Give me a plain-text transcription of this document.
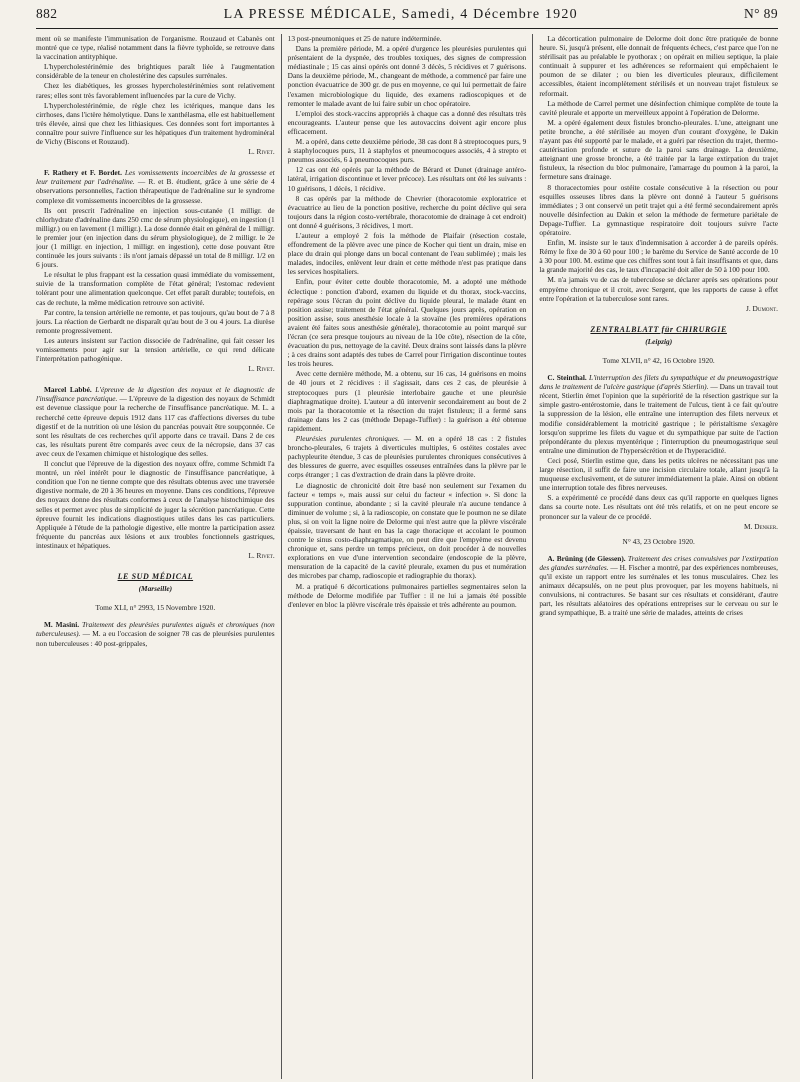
882	LA PRESSE MÉDICALE, Samedi, 4 Décembre 1920	N° 89

ment où se manifeste l'immunisation de l'organisme. Rouzaud et Cabanès ont montré que ce type, réalisé notamment dans la fièvre typhoïde, se retrouve dans la vaccination antityphique.

L'hypercholestérinémie des brightiques paraît liée à l'augmentation considérable de la teneur en cholestérine des capsules surrénales.

Chez les diabétiques, les grosses hypercholestérinémies sont relativement rares; elles sont très favorablement influencées par la cure de Vichy.

L'hypercholestérinémie, de règle chez les ictériques, manque dans les cirrhoses, dans l'ictère hémolytique. Dans le xanthélasma, elle est habituellement très élevée, ainsi que chez les lithiasiques. Ces données sont fort importantes à connaître pour suivre l'influence sur les hépatiques d'un traitement hydrominéral de Vichy (Biscons et Rouzaud).

L. Rivet.

F. Rathery et F. Bordet. Les vomissements incoercibles de la grossesse et leur traitement par l'adrénaline. — R. et B. étudient, grâce à une série de 4 observations personnelles, l'action thérapeutique de l'adrénaline sur le syndrome complexe dit vomissements incoercibles de la grossesse.

Ils ont prescrit l'adrénaline en injection sous-cutanée (1 milligr. de chlorhydrate d'adrénaline dans 250 cmc de sérum physiologique), en ingestion (1 milligr.) ou en lavement (1 milligr.). La dose donnée était en général de 1 milligr. le premier jour (en injection dans du sérum physiologique), de 2 milligr. le 2e jour (1 milligr. en injection, 1 milligr. en ingestion), cette dose pouvant être continuée les jours suivants : ils n'ont jamais dépassé un total de 8 milligr. 1/2 en 6 jours.

Le résultat le plus frappant est la cessation quasi immédiate du vomissement, suivie de la transformation complète de l'état général; l'estomac redevient tolérant pour une alimentation quelconque. Cet effet paraît durable; toutefois, en cas de rechute, la même médication retrouve son activité.

Par contre, la tension artérielle ne remonte, et pas toujours, qu'au bout de 7 à 8 jours. La réaction de Gerbardt ne disparaît qu'au bout de 3 ou 4 jours. La diurèse remonte progressivement.

Les auteurs insistent sur l'action dissociée de l'adrénaline, qui fait cesser les vomissements pour agir sur la tension artérielle, ce qui rend délicate l'interprétation pathogénique.

L. Rivet.

Marcel Labbé. L'épreuve de la digestion des noyaux et le diagnostic de l'insuffisance pancréatique. — L'épreuve de la digestion des noyaux de Schmidt est devenue classique pour la recherche de l'insuffisance pancréatique. M. L. a recherché cette épreuve depuis 1912 dans 117 cas d'affections diverses du tube digestif et de la nutrition où une lésion du pancréas pouvait être soupçonnée. Ce sont les résultats de ces recherches qu'il apporte dans ce travail. Dans 2 de ces cas, les résultats purent être comparés avec ceux de la nécropsie, dans 37 cas avec ceux de l'examen chimique et histologique des selles.

Il conclut que l'épreuve de la digestion des noyaux offre, comme Schmidt l'a montré, un réel intérêt pour le diagnostic de l'insuffisance pancréatique, à condition que l'on ne tienne compte que des résultats obtenus avec une traversée digestive normale, de 20 à 36 heures en moyenne. Dans ces conditions, l'épreuve des noyaux donne des résultats conformes à ceux de l'analyse histochimique des selles et permet avec plus de simplicité de juger la sécrétion pancréatique. Cette épreuve fournit les indications diagnostiques utiles dans les cas particuliers. Appliquée à l'étude de la pathologie digestive, elle montre la participation assez fréquente du pancréas aux lésions et aux troubles fonctionnels gastriques, intestinaux et hépatiques.

L. Rivet.
LE SUD MÉDICAL
(Marseille)
Tome XLI, n° 2993, 15 Novembre 1920.

M. Masini. Traitement des pleurésies purulentes aiguës et chroniques (non tuberculeuses). — M. a eu l'occasion de soigner 78 cas de pleurésies purulentes non tuberculeuses : 40 post-grippales,

13 post-pneumoniques et 25 de nature indéterminée.

Dans la première période, M. a opéré d'urgence les pleurésies purulentes qui présentaient de la dyspnée, des troubles toxiques, des signes de compression médiastinale ; 15 cas ainsi opérés ont donné 3 décès, 5 récidives et 7 guérisons. Dans la deuxième période, M., changeant de méthode, a commencé par faire une ponction évacuatrice de 300 gr. de pus en moyenne, ce qui lui permettait de faire l'examen microbiologique du liquide, des examens radioscopiques et de remonter le malade avant de lui faire subir un choc opératoire.

L'emploi des stock-vaccins appropriés à chaque cas a donné des résultats très encourageants. L'auteur pense que les autovaccins doivent agir encore plus efficacement.

M. a opéré, dans cette deuxième période, 38 cas dont 8 à streptocoques purs, 9 à staphylocoques purs, 11 à staphylos et pneumocoques associés, 4 à strepto et pneumos associés, 6 à pneumocoques purs.

12 cas ont été opérés par la méthode de Bérard et Dunet (drainage antéro-latéral, irrigation discontinue et lever précoce). Les résultats ont été les suivants : 10 guérisons, 1 décès, 1 récidive.

8 cas opérés par la méthode de Chevrier (thoracotomie exploratrice et évacuatrice au lieu de la ponction positive, recherche du point déclive qui sera toujours dans la région costo-vertébrale, thoracotomie de drainage à cet endroit) ont donné 4 guérisons, 3 récidives, 1 mort.

L'auteur a employé 2 fois la méthode de Plaifair (résection costale, effondrement de la plèvre avec une pince de Kocher qui tient un drain, mise en place du drain qui plonge dans un bocal contenant de l'eau sublimée) ; mais les malades, indociles, enlèvent leur drain et cette méthode n'est pas pratique dans les services hospitaliers.

Enfin, pour éviter cette double thoracotomie, M. a adopté une méthode éclectique : ponction d'abord, examen du liquide et du thorax, stock-vaccins, repérage sous l'écran du point déclive du liquide pleural, le malade étant en position assise; traitement de l'état général. Quelques jours après, opération en position assise, sous anesthésie locale à la stovaïne (les premières opérations avaient été faites sous anesthésie générale), thoracotomie au point marqué sur l'écran (ce sera presque toujours au niveau de la 10e côte), résection de la côte, évacuation du pus, nettoyage de la cavité. Deux drains sont laissés dans la plèvre ; à ces drains sont adaptés des tubes de Carrel pour l'irrigation discontinue toutes les trois heures.

Avec cette dernière méthode, M. a obtenu, sur 16 cas, 14 guérisons en moins de 40 jours et 2 récidives : il s'agissait, dans ces 2 cas, de pleurésie à streptocoques purs (1 pleurésie interlobaire gauche et une pleurésie diaphragmatique droite). L'auteur a dû intervenir secondairement au bout de 2 mois par la thoracotomie et la résection du trajet fistuleux; il a fermé sans drainage dans les 2 cas (méthode Depage-Tuffier) : la guérison a été obtenue rapidement.

Pleurésies purulentes chroniques. — M. en a opéré 18 cas : 2 fistules broncho-pleurales, 6 trajets à diverticules multiples, 6 ostéites costales avec pachypleurite étendue, 3 cas de pleurésies purulentes chroniques consécutives à des blessures de guerre, avec esquilles osseuses entraînées dans la plèvre par le corps étranger ; 1 cas d'extraction de drain dans la plèvre droite.

Le diagnostic de chronicité doit être basé non seulement sur l'examen du facteur « temps », mais aussi sur celui du facteur « infection ». Si donc la suppuration continue, abondante ; si la cavité pleurale n'a aucune tendance à diminuer de volume ; si, à la radioscopie, on constate que le poumon ne se dilate plus, si on voit la ligne noire de Delorme qui n'est autre que la plèvre viscérale épaissie, traversant de haut en bas la cage thoracique et accolant le poumon contre le sinus costo-diaphragmatique, on peut dire que l'empyème est devenu chronique et, sans perdre un temps précieux, on doit procéder à de nouvelles explorations en vue d'une intervention secondaire (endoscopie de la plèvre, mensuration de la capacité de la cavité pleurale, examen du pus et numération des microbes par champ, radioscopie et radiographie du thorax).

M. a pratiqué 6 décortications pulmonaires partielles segmentaires selon la méthode de Delorme modifiée par Tuffier : il ne lui a jamais été possible d'enlever en bloc la plèvre viscérale très épaissie et très adhérente au poumon.

La décortication pulmonaire de Delorme doit donc être pratiquée de bonne heure. Si, jusqu'à présent, elle donnait de fréquents échecs, c'est parce que l'on ne stérilisait pas au préalable le pyothorax ; on opérait en milieu septique, la plaie continuait à suppurer et les adhérences se reformaient qui empêchaient le poumon de se dilater ; ou bien les diverticules pleuraux, difficilement accessibles, étaient incomplètement stérilisés et un nouveau trajet fistuleux se reformait.

La méthode de Carrel permet une désinfection chimique complète de toute la cavité pleurale et apporte un merveilleux appoint à l'opération de Delorme.

M. a opéré également deux fistules broncho-pleurales. L'une, atteignant une petite bronche, a été stérilisée au moyen d'un courant d'oxygène, le Dakin n'ayant pas été supporté par le malade, et a guéri par résection du trajet, thermo-cautérisation profonde et suture de la paroi sans drainage. La deuxième, atteignant une grosse bronche, a été traitée par la large extirpation du trajet fistuleux, la résection du bloc pulmonaire, l'amarrage du poumon à la paroi, la fermeture sans drainage.

8 thoracectomies pour ostéite costale consécutive à la résection ou pour esquilles osseuses libres dans la plèvre ont donné à l'auteur 5 guérisons immédiates ; 3 ont conservé un petit trajet qui a été fermé secondairement après nouvelle désinfection au Dakin et selon la méthode de fermeture pariétale de Depage-Tuffier. La gymnastique respiratoire doit toujours suivre l'acte opératoire.

Enfin, M. insiste sur le taux d'indemnisation à accorder à de pareils opérés. Rémy le fixe de 30 à 60 pour 100 ; le barème du Service de Santé accorde de 10 à 30 pour 100. M. estime que ces chiffres sont tout à fait insuffisants et que, dans la grande majorité des cas, le taux d'incapacité doit aller de 50 à 100 pour 100.

M. n'a jamais vu de cas de tuberculose se déclarer après ses opérations pour empyème chronique et il croit, avec Sergent, que les rapports de cause à effet entre l'opération et la tuberculose sont rares.

J. Dumont.
ZENTRALBLATT für CHIRURGIE
(Leipzig)
Tome XLVII, n° 42, 16 Octobre 1920.

C. Steinthal. L'interruption des filets du sympathique et du pneumogastrique dans le traitement de l'ulcère gastrique (d'après Stierlin). — Dans un travail tout récent, Stierlin émet l'opinion que la supériorité de la résection gastrique sur la simple gastro-entérostomie, dans le traitement de l'ulcus, tient à ce fait qu'outre la suppression de la lésion, elle entraîne une interruption des filets nerveux et modifie considérablement la motricité gastrique ; le péristaltisme s'exagère lorsqu'on supprime les filets du vague et du sympathique par suite de l'action prépondérante du plexus myentérique ; l'interruption du pneumogastrique seul entraîne une diminution de l'hypersécrétion et de l'hyperacidité.

Ceci posé, Stierlin estime que, dans les petits ulcères ne nécessitant pas une large résection, il suffit de faire une incision circulaire totale, allant jusqu'à la muqueuse exclusivement, et de suturer immédiatement la plaie. Ainsi on obtient une interruption totale des fibres nerveuses.

S. a expérimenté ce procédé dans deux cas qu'il rapporte en quelques lignes dans sa courte note. Les résultats ont été très relatifs, et on ne peut encore se prononcer sur la valeur de ce procédé.

M. Denker.
N° 43, 23 Octobre 1920.

A. Brüning (de Giessen). Traitement des crises convulsives par l'extirpation des glandes surrénales. — H. Fischer a montré, par des expériences nombreuses, qu'il existe un rapport entre les surrénales et les tonus musculaires. Chez les animaux décapsulés, on ne peut plus provoquer, par les moyens habituels, ni convulsions, ni contractures. Se basant sur ces résultats et considérant, d'autre part, les résultats aléatoires des opérations entreprises sur le cerveau ou sur le grand sympathique, B. a traité une série de malades, atteints de crises
